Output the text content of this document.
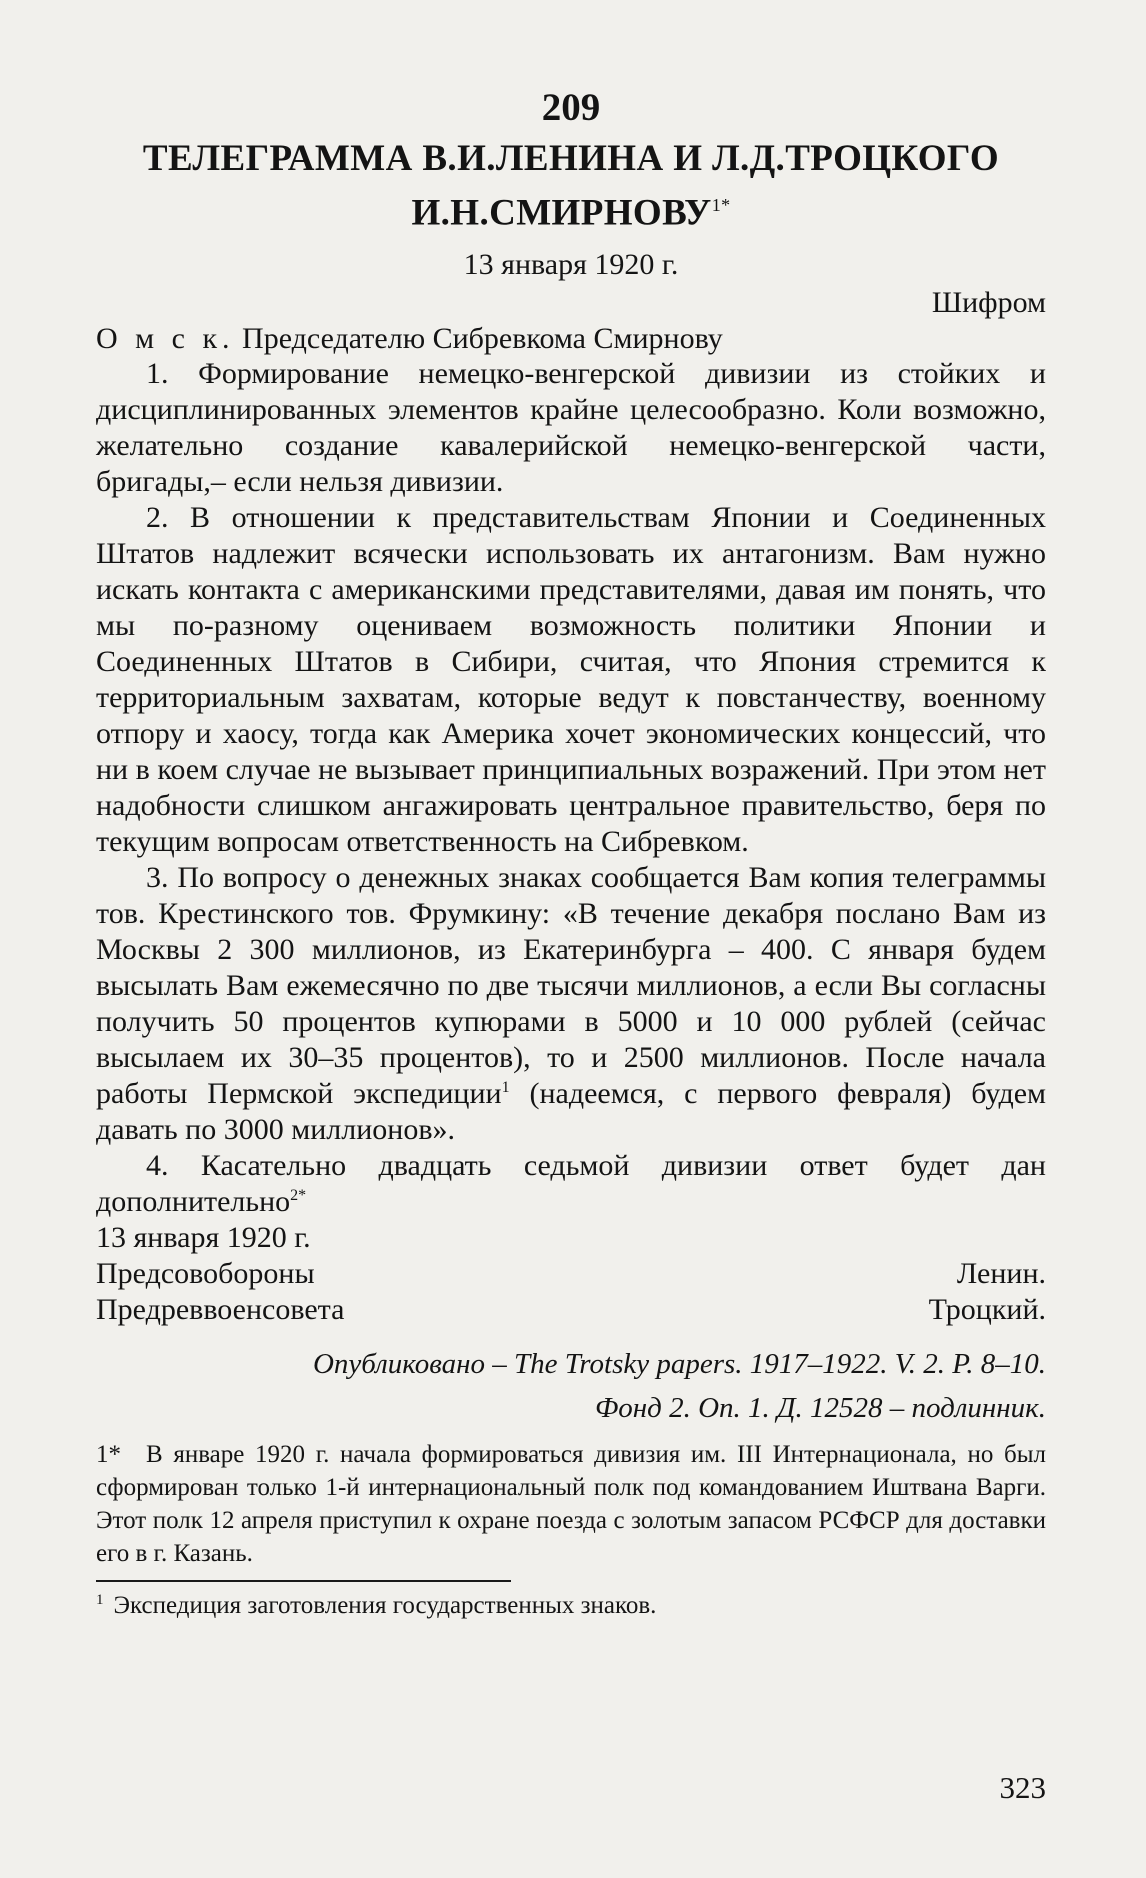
209
ТЕЛЕГРАММА В.И.ЛЕНИНА И Л.Д.ТРОЦКОГО
$И.Н.СМИРНОВУ^{1*}$
13 января 1920 г.
Шифром
О м с к. Председателю Сибревкома Смирнову

1. Формирование немецко-венгерской дивизии из стойких и дисциплинированных элементов крайне целесообразно. Коли возможно, желательно создание кавалерийской немецко-венгерской части, бригады,– если нельзя дивизии.

2. В отношении к представительствам Японии и Соединенных Штатов надлежит всячески использовать их антагонизм. Вам нужно искать контакта с американскими представителями, давая им понять, что мы по-разному оцениваем возможность политики Японии и Соединенных Штатов в Сибири, считая, что Япония стремится к территориальным захватам, которые ведут к повстанчеству, военному отпору и хаосу, тогда как Америка хочет экономических концессий, что ни в коем случае не вызывает принципиальных возражений. При этом нет надобности слишком ангажировать центральное правительство, беря по текущим вопросам ответственность на Сибревком.

3. По вопросу о денежных знаках сообщается Вам копия телеграммы тов. Крестинского тов. Фрумкину: «В течение декабря послано Вам из Москвы 2 300 миллионов, из Екатеринбурга – 400. С января будем высылать Вам ежемесячно по две тысячи миллионов, а если Вы согласны получить 50 процентов купюрами в 5000 и 10 000 рублей (сейчас высылаем их 30–35 процентов), то и 2500 миллионов. После начала работы Пермской экспедиции$^1$ (надеемся, с первого февраля) будем давать по 3000 миллионов».

4. Касательно двадцать седьмой дивизии ответ будет дан дополнительно$^{2*}$

13 января 1920 г.
Предсовобороны	Ленин.
Предреввоенсовета	Троцкий.
Опубликовано – The Trotsky papers. 1917–1922. V. 2. P. 8–10.
Фонд 2. Оп. 1. Д. 12528 – подлинник.
1* В январе 1920 г. начала формироваться дивизия им. III Интернационала, но был сформирован только 1-й интернациональный полк под командованием Иштвана Варги. Этот полк 12 апреля приступил к охране поезда с золотым запасом РСФСР для доставки его в г. Казань.
$^1$ Экспедиция заготовления государственных знаков.
323
